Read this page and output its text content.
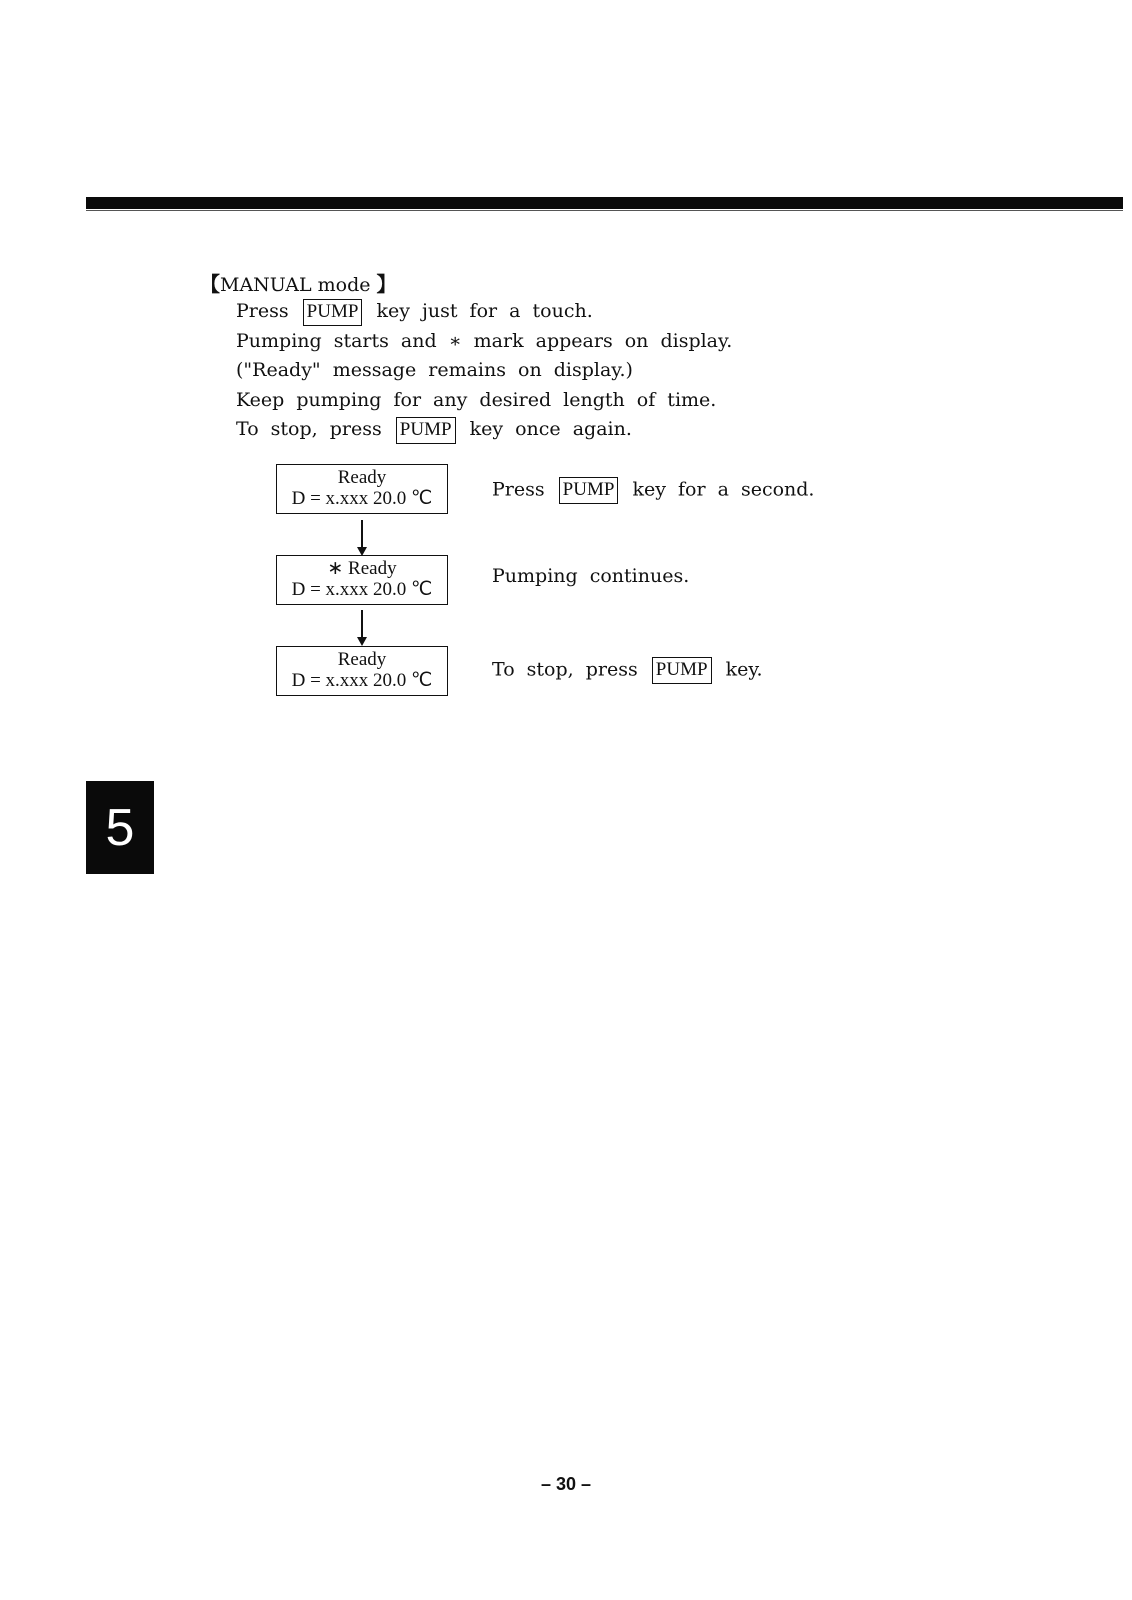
【MANUAL mode 】
Press PUMP key just for a touch.
Pumping starts and ∗ mark appears on display.
("Ready" message remains on display.)
Keep pumping for any desired length of time.
To stop, press PUMP key once again.
Ready
D = x.xxx 20.0 ℃	Press PUMP key for a second.
∗ Ready
D = x.xxx 20.0 ℃
Pumping continues.
Ready
D = x.xxx 20.0 ℃	To stop, press PUMP key.
5
– 30 –
